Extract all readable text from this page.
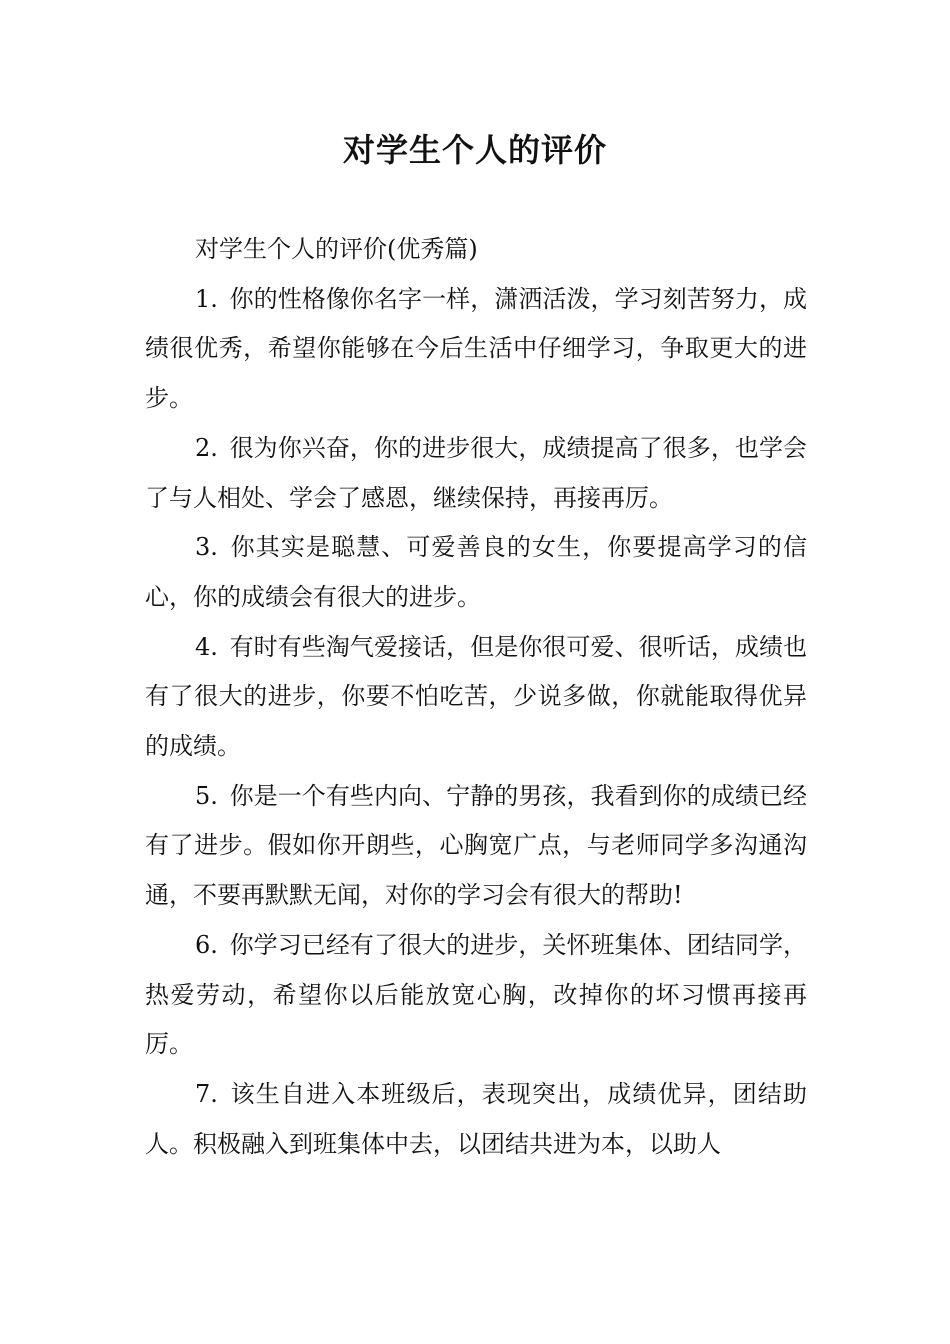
对学生个人的评价

对学生个人的评价(优秀篇)

1. 你的性格像你名字一样，潇洒活泼，学习刻苦努力，成绩很优秀，希望你能够在今后生活中仔细学习，争取更大的进步。

2. 很为你兴奋，你的进步很大，成绩提高了很多，也学会了与人相处、学会了感恩，继续保持，再接再厉。

3. 你其实是聪慧、可爱善良的女生，你要提高学习的信心，你的成绩会有很大的进步。

4. 有时有些淘气爱接话，但是你很可爱、很听话，成绩也有了很大的进步，你要不怕吃苦，少说多做，你就能取得优异的成绩。

5. 你是一个有些内向、宁静的男孩，我看到你的成绩已经有了进步。假如你开朗些，心胸宽广点，与老师同学多沟通沟通，不要再默默无闻，对你的学习会有很大的帮助!

6. 你学习已经有了很大的进步，关怀班集体、团结同学，热爱劳动，希望你以后能放宽心胸，改掉你的坏习惯再接再厉。

7. 该生自进入本班级后，表现突出，成绩优异，团结助人。积极融入到班集体中去，以团结共进为本，以助人
